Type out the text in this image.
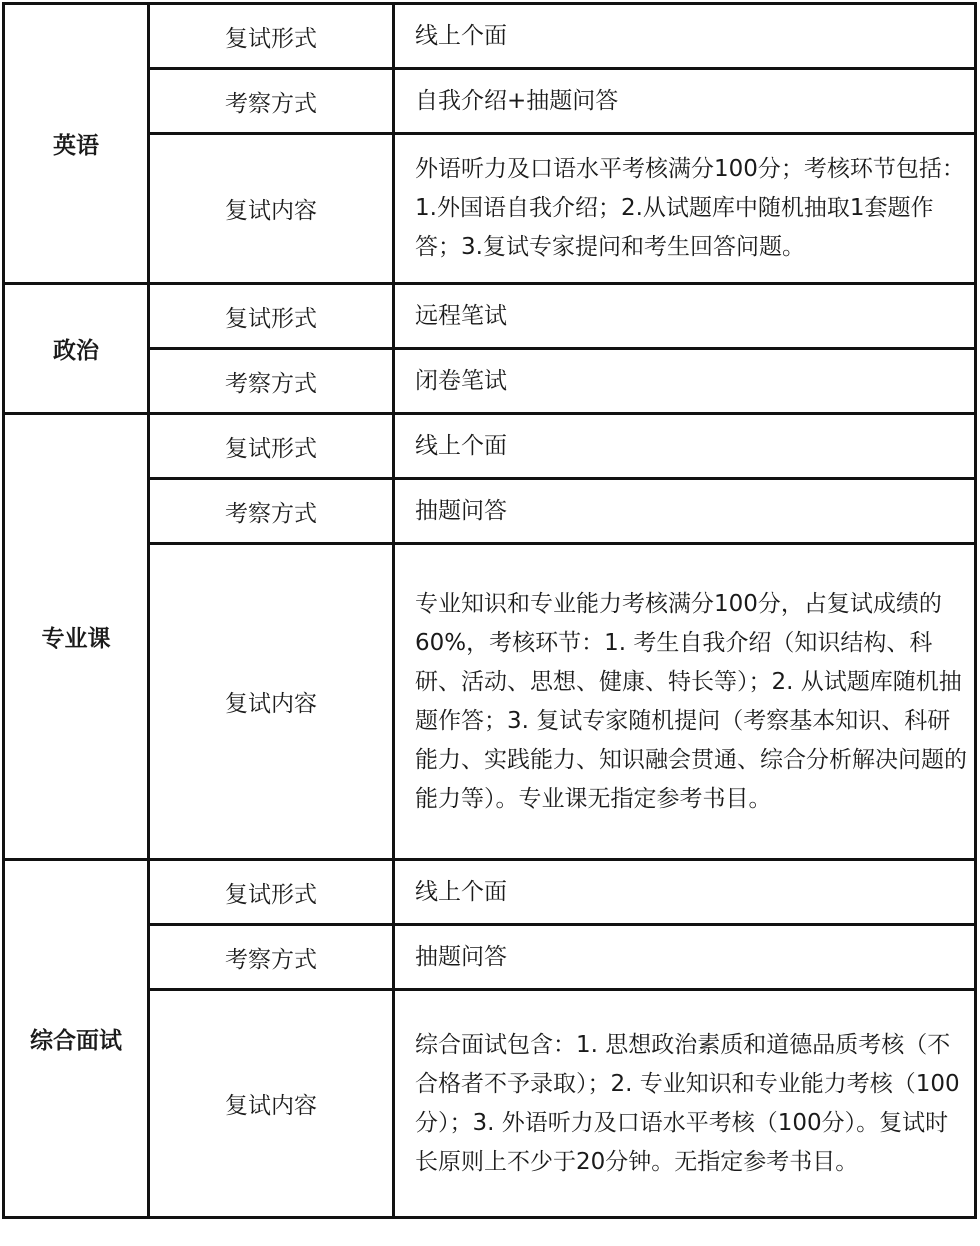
英语	复试形式	线上个面
	考察方式	自我介绍+抽题问答
	复试内容	外语听力及口语水平考核满分100分；考核环节包括：1.外国语自我介绍；2.从试题库中随机抽取1套题作答；3.复试专家提问和考生回答问题。
政治	复试形式	远程笔试
	考察方式	闭卷笔试
专业课	复试形式	线上个面
	考察方式	抽题问答
	复试内容	专业知识和专业能力考核满分100分，占复试成绩的60%，考核环节：1. 考生自我介绍（知识结构、科研、活动、思想、健康、特长等）；2. 从试题库随机抽题作答；3. 复试专家随机提问（考察基本知识、科研能力、实践能力、知识融会贯通、综合分析解决问题的能力等）。专业课无指定参考书目。
综合面试	复试形式	线上个面
	考察方式	抽题问答
	复试内容	综合面试包含：1. 思想政治素质和道德品质考核（不合格者不予录取）；2. 专业知识和专业能力考核（100分）；3. 外语听力及口语水平考核（100分）。复试时长原则上不少于20分钟。无指定参考书目。
